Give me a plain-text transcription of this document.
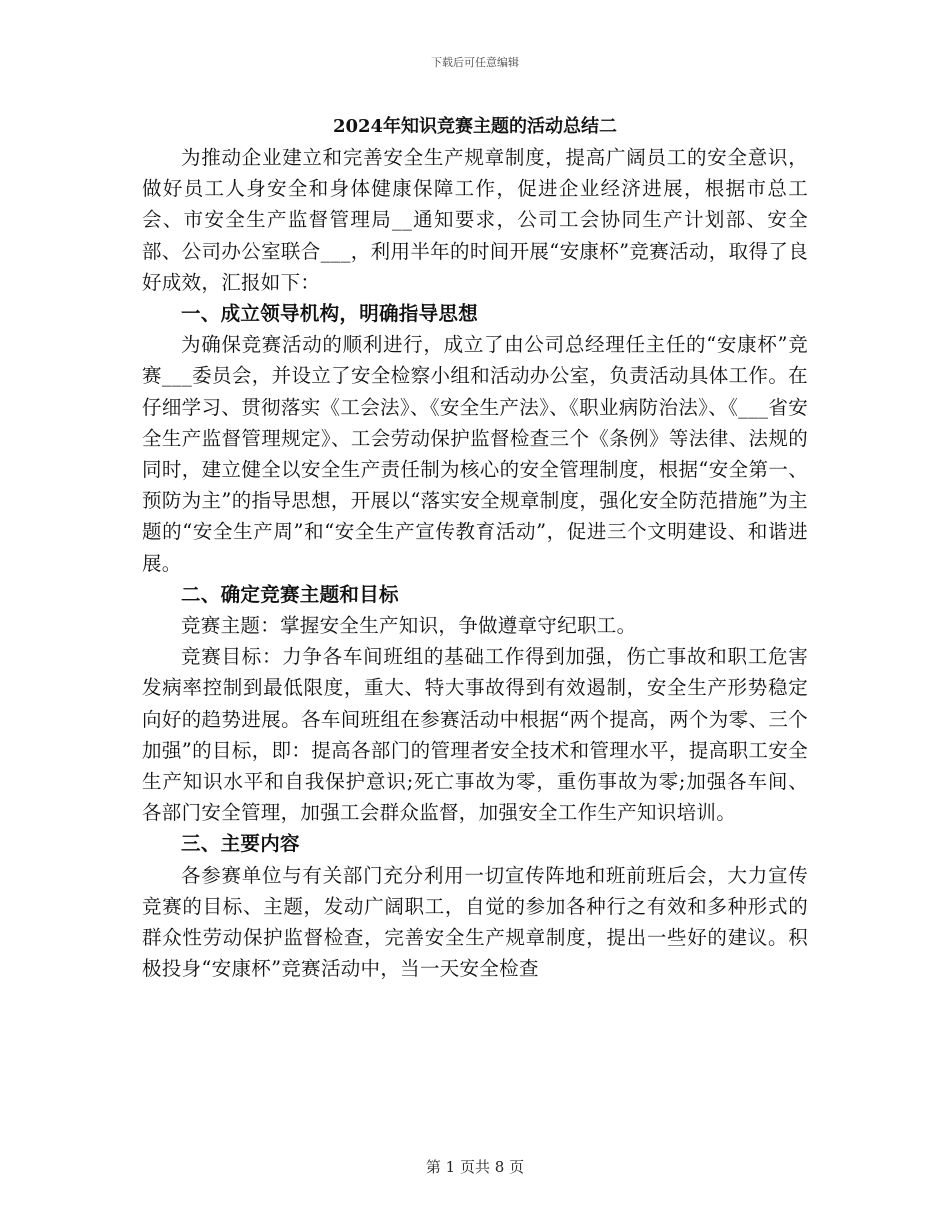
下载后可任意编辑
2024年知识竞赛主题的活动总结二

为推动企业建立和完善安全生产规章制度，提高广阔员工的安全意识，做好员工人身安全和身体健康保障工作，促进企业经济进展，根据市总工会、市安全生产监督管理局__通知要求，公司工会协同生产计划部、安全部、公司办公室联合___，利用半年的时间开展“安康杯”竞赛活动，取得了良好成效，汇报如下：

一、成立领导机构，明确指导思想

为确保竞赛活动的顺利进行，成立了由公司总经理任主任的“安康杯”竞赛___委员会，并设立了安全检察小组和活动办公室，负责活动具体工作。在仔细学习、贯彻落实《工会法》、《安全生产法》、《职业病防治法》、《___省安全生产监督管理规定》、工会劳动保护监督检查三个《条例》等法律、法规的同时，建立健全以安全生产责任制为核心的安全管理制度，根据“安全第一、预防为主”的指导思想，开展以“落实安全规章制度，强化安全防范措施”为主题的“安全生产周”和“安全生产宣传教育活动”，促进三个文明建设、和谐进展。

二、确定竞赛主题和目标

竞赛主题：掌握安全生产知识，争做遵章守纪职工。

竞赛目标：力争各车间班组的基础工作得到加强，伤亡事故和职工危害发病率控制到最低限度，重大、特大事故得到有效遏制，安全生产形势稳定向好的趋势进展。各车间班组在参赛活动中根据“两个提高，两个为零、三个加强”的目标，即：提高各部门的管理者安全技术和管理水平，提高职工安全生产知识水平和自我保护意识;死亡事故为零，重伤事故为零;加强各车间、各部门安全管理，加强工会群众监督，加强安全工作生产知识培训。

三、主要内容

各参赛单位与有关部门充分利用一切宣传阵地和班前班后会，大力宣传竞赛的目标、主题，发动广阔职工，自觉的参加各种行之有效和多种形式的群众性劳动保护监督检查，完善安全生产规章制度，提出一些好的建议。积极投身“安康杯”竞赛活动中，当一天安全检查

第 1 页共 8 页
